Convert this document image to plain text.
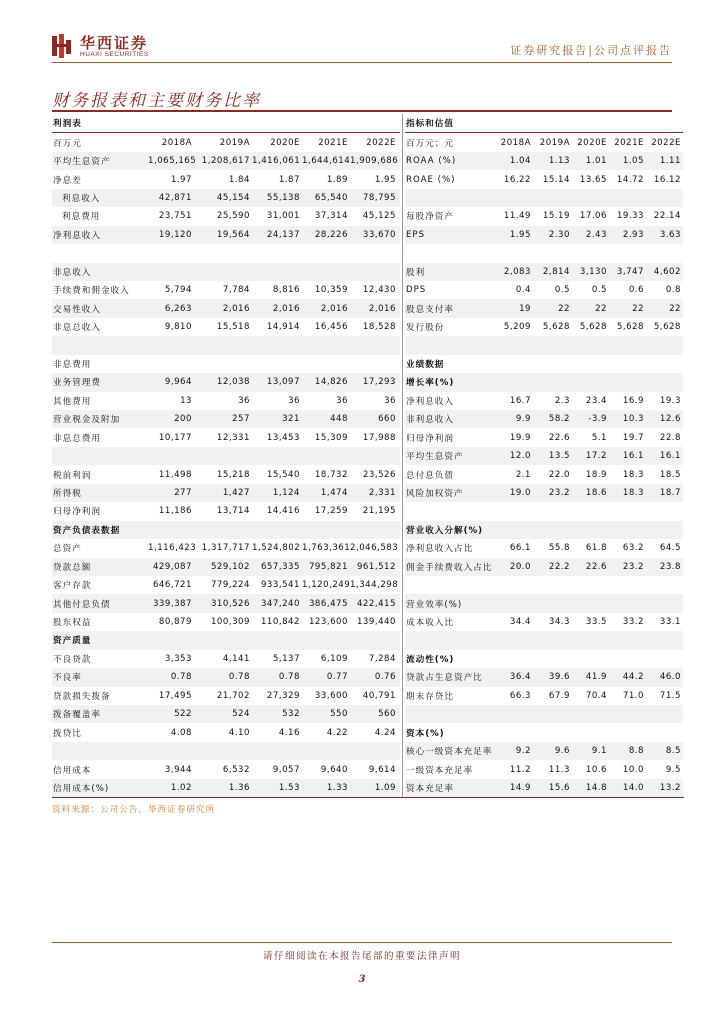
华西证券
HUAXI SECURITIES	证券研究报告|公司点评报告
财务报表和主要财务比率
利润表
百万元	2018A	2019A	2020E	2021E	2022E
平均生息资产	1,065,165 1,208,617 1,416,061 1,644,614 1,909,686
净息差	1.97	1.84	1.87	1.89	1.95
利息收入	42,871	45,154	55,138	65,540	78,795
利息费用	23,751	25,590	31,001	37,314	45,125
净利息收入	19,120	19,564	24,137	28,226	33,670
非息收入
手续费和佣金收入	5,794	7,784	8,816	10,359	12,430
交易性收入	6,263	2,016	2,016	2,016	2,016
非息总收入	9,810	15,518	14,914	16,456	18,528
非息费用
业务管理费	9,964	12,038	13,097	14,826	17,293
其他费用	13	36	36	36	36
营业税金及附加	200	257	321	448	660
非息总费用	10,177	12,331	13,453	15,309	17,988
税前利润	11,498	15,218	15,540	18,732	23,526
所得税	277	1,427	1,124	1,474	2,331
归母净利润	11,186	13,714	14,416	17,259	21,195
资产负债表数据
总资产	1,116,423 1,317,717 1,524,802 1,763,361 2,046,583
贷款总额	429,087	529,102	657,335	795,821	961,512
客户存款	646,721	779,224	933,541 1,120,249 1,344,298
其他付息负债	339,387	310,526	347,240	386,475	422,415
股东权益	80,879	100,309	110,842	123,600	139,440
资产质量
不良贷款	3,353	4,141	5,137	6,109	7,284
不良率	0.78	0.78	0.78	0.77	0.76
贷款损失拨备	17,495	21,702	27,329	33,600	40,791
拨备覆盖率	522	524	532	550	560
拨贷比	4.08	4.10	4.16	4.22	4.24
信用成本	3,944	6,532	9,057	9,640	9,614
信用成本(%)	1.02	1.36	1.53	1.33	1.09
指标和估值
百万元；元	2018A	2019A 2020E 2021E 2022E
ROAA (%)	1.04	1.13	1.01	1.05	1.11
ROAE (%)	16.22	15.14	13.65	14.72	16.12
每股净资产	11.49	15.19	17.06	19.33	22.14
EPS	1.95	2.30	2.43	2.93	3.63
股利	2,083	2,814	3,130	3,747	4,602
DPS	0.4	0.5	0.5	0.6	0.8
股息支付率	19	22	22	22	22
发行股份	5,209	5,628	5,628	5,628	5,628
业绩数据
增长率(%)
净利息收入	16.7	2.3	23.4	16.9	19.3
非利息收入	9.9	58.2	-3.9	10.3	12.6
归母净利润	19.9	22.6	5.1	19.7	22.8
平均生息资产	12.0	13.5	17.2	16.1	16.1
总付息负债	2.1	22.0	18.9	18.3	18.5
风险加权资产	19.0	23.2	18.6	18.3	18.7
营业收入分解(%)
净利息收入占比	66.1	55.8	61.8	63.2	64.5
佣金手续费收入占比	20.0	22.2	22.6	23.2	23.8
营业效率(%)
成本收入比	34.4	34.3	33.5	33.2	33.1
流动性(%)
贷款占生息资产比	36.4	39.6	41.9	44.2	46.0
期末存贷比	66.3	67.9	70.4	71.0	71.5
资本(%)
核心一级资本充足率	9.2	9.6	9.1	8.8	8.5
一级资本充足率	11.2	11.3	10.6	10.0	9.5
资本充足率	14.9	15.6	14.8	14.0	13.2
资料来源：公司公告，华西证券研究所
请仔细阅读在本报告尾部的重要法律声明
3
